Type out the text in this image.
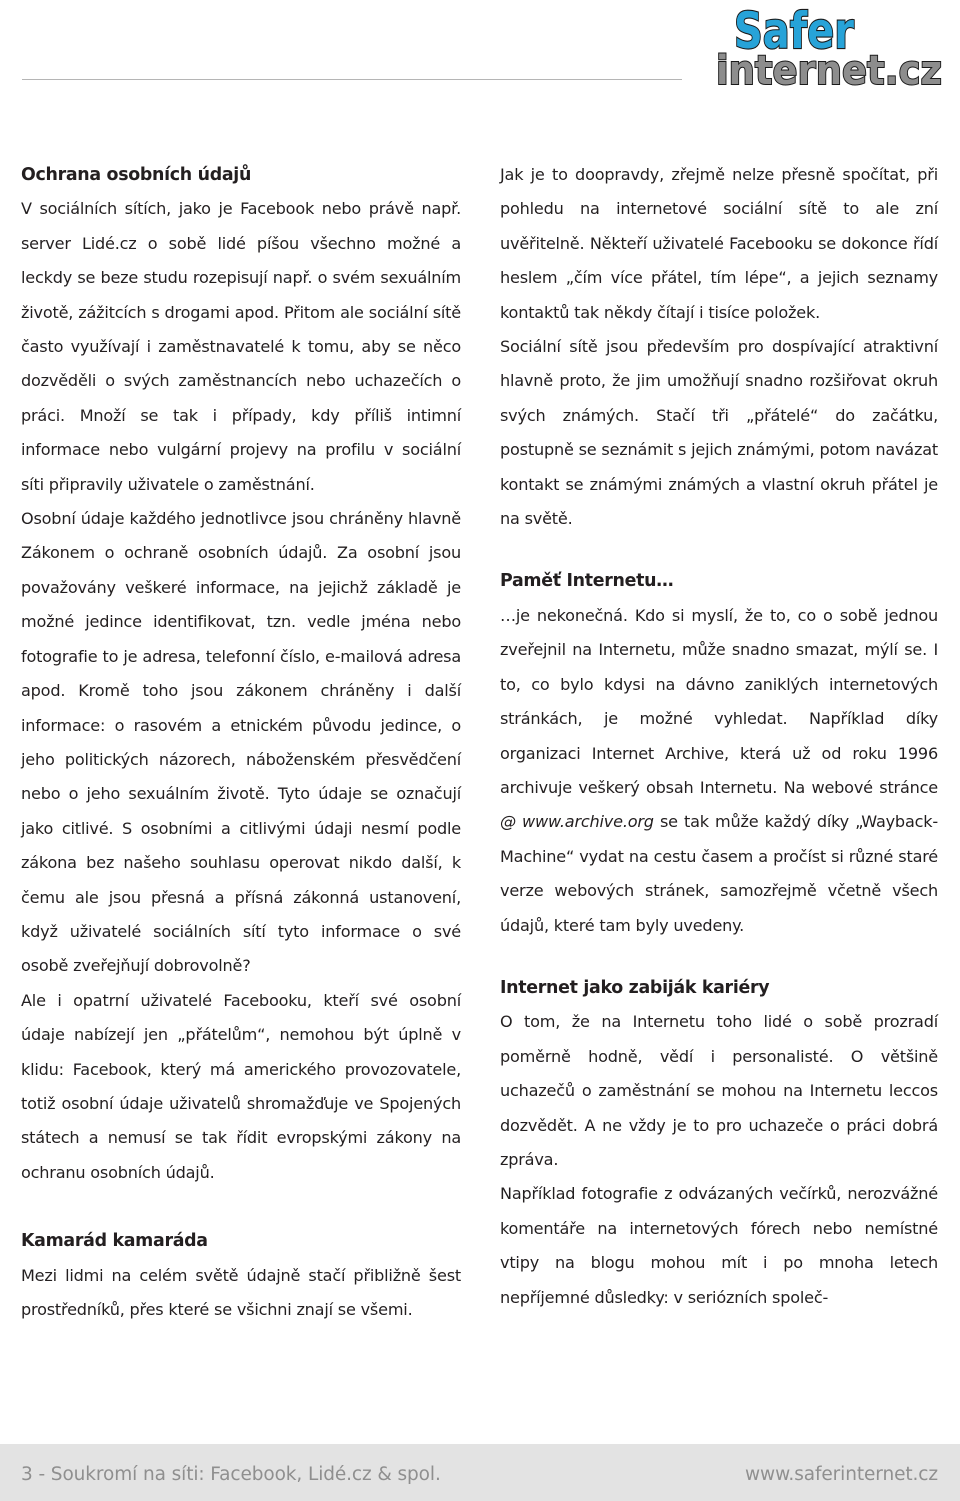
Safer
internet.cz
Ochrana osobních údajů

V sociálních sítích, jako je Facebook nebo právě např. server Lidé.cz o sobě lidé píšou všechno možné a leckdy se beze studu rozepisují např. o svém sexuálním životě, zážitcích s drogami apod. Přitom ale sociální sítě často využívají i zaměstnavatelé k tomu, aby se něco dozvěděli o svých zaměstnancích nebo uchazečích o práci. Množí se tak i případy, kdy příliš intimní informace nebo vulgární projevy na profilu v sociální síti připravily uživatele o zaměstnání.

Osobní údaje každého jednotlivce jsou chráněny hlavně Zákonem o ochraně osobních údajů. Za osobní jsou považovány veškeré informace, na jejichž základě je možné jedince identifikovat, tzn. vedle jména nebo fotografie to je adresa, telefonní číslo, e-mailová adresa apod. Kromě toho jsou zákonem chráněny i další informace: o rasovém a etnickém původu jedince, o jeho politických názorech, náboženském přesvědčení nebo o jeho sexuálním životě. Tyto údaje se označují jako citlivé. S osobními a citlivými údaji nesmí podle zákona bez našeho souhlasu operovat nikdo další, k čemu ale jsou přesná a přísná zákonná ustanovení, když uživatelé sociálních sítí tyto informace o své osobě zveřejňují dobrovolně?

Ale i opatrní uživatelé Facebooku, kteří své osobní údaje nabízejí jen „přátelům“, nemohou být úplně v klidu: Facebook, který má amerického provozovatele, totiž osobní údaje uživatelů shromažďuje ve Spojených státech a nemusí se tak řídit evropskými zákony na ochranu osobních údajů.

Kamarád kamaráda

Mezi lidmi na celém světě údajně stačí přibližně šest prostředníků, přes které se všichni znají se všemi.

Jak je to doopravdy, zřejmě nelze přesně spočítat, při pohledu na internetové sociální sítě to ale zní uvěřitelně. Někteří uživatelé Facebooku se dokonce řídí heslem „čím více přátel, tím lépe“, a jejich seznamy kontaktů tak někdy čítají i tisíce položek.

Sociální sítě jsou především pro dospívající atraktivní hlavně proto, že jim umožňují snadno rozšiřovat okruh svých známých. Stačí tři „přátelé“ do začátku, postupně se seznámit s jejich známými, potom navázat kontakt se známými známých a vlastní okruh přátel je na světě.

Paměť Internetu…

…je nekonečná. Kdo si myslí, že to, co o sobě jednou zveřejnil na Internetu, může snadno smazat, mýlí se. I to, co bylo kdysi na dávno zaniklých internetových stránkách, je možné vyhledat. Například díky organizaci Internet Archive, která už od roku 1996 archivuje veškerý obsah Internetu. Na webové stránce @ www.archive.org se tak může každý díky „Wayback-Machine“ vydat na cestu časem a pročíst si různé staré verze webových stránek, samozřejmě včetně všech údajů, které tam byly uvedeny.

Internet jako zabiják kariéry

O tom, že na Internetu toho lidé o sobě prozradí poměrně hodně, vědí i personalisté. O většině uchazečů o zaměstnání se mohou na Internetu leccos dozvědět. A ne vždy je to pro uchazeče o práci dobrá zpráva.

Například fotografie z odvázaných večírků, nerozvážné komentáře na internetových fórech nebo nemístné vtipy na blogu mohou mít i po mnoha letech nepříjemné důsledky: v seriózních společ-

3 - Soukromí na síti: Facebook, Lidé.cz & spol.	www.saferinternet.cz
